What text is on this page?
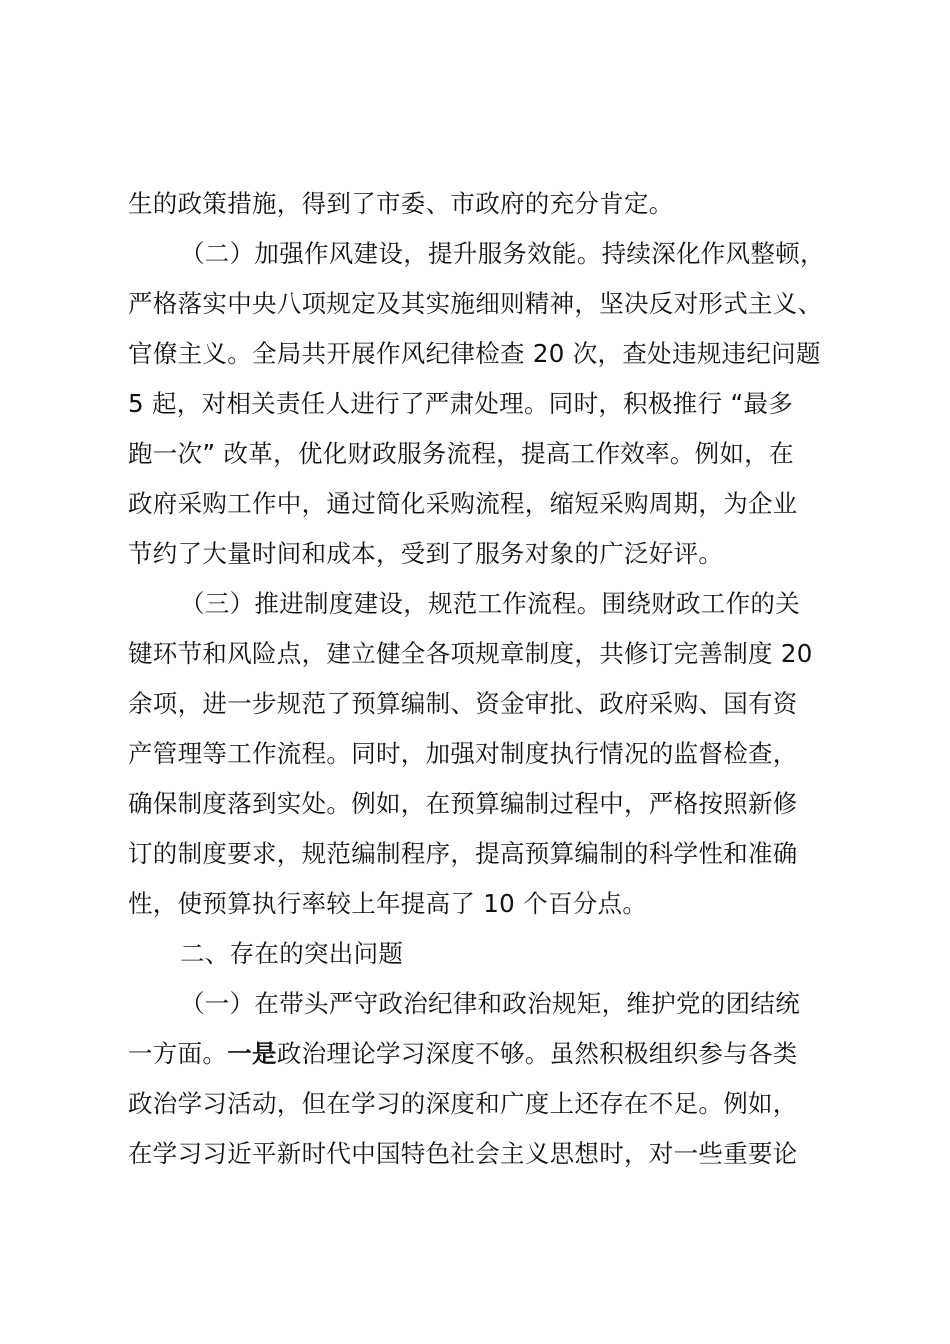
生的政策措施，得到了市委、市政府的充分肯定。
（二）加强作风建设，提升服务效能。持续深化作风整顿，
严格落实中央八项规定及其实施细则精神，坚决反对形式主义、
官僚主义。全局共开展作风纪律检查 20 次，查处违规违纪问题
5 起，对相关责任人进行了严肃处理。同时，积极推行 “最多
跑一次” 改革，优化财政服务流程，提高工作效率。例如，在
政府采购工作中，通过简化采购流程，缩短采购周期，为企业
节约了大量时间和成本，受到了服务对象的广泛好评。
（三）推进制度建设，规范工作流程。围绕财政工作的关
键环节和风险点，建立健全各项规章制度，共修订完善制度 20
余项，进一步规范了预算编制、资金审批、政府采购、国有资
产管理等工作流程。同时，加强对制度执行情况的监督检查，
确保制度落到实处。例如，在预算编制过程中，严格按照新修
订的制度要求，规范编制程序，提高预算编制的科学性和准确
性，使预算执行率较上年提高了 10 个百分点。
二、存在的突出问题
（一）在带头严守政治纪律和政治规矩，维护党的团结统
一方面。一是政治理论学习深度不够。虽然积极组织参与各类
政治学习活动，但在学习的深度和广度上还存在不足。例如，
在学习习近平新时代中国特色社会主义思想时，对一些重要论
